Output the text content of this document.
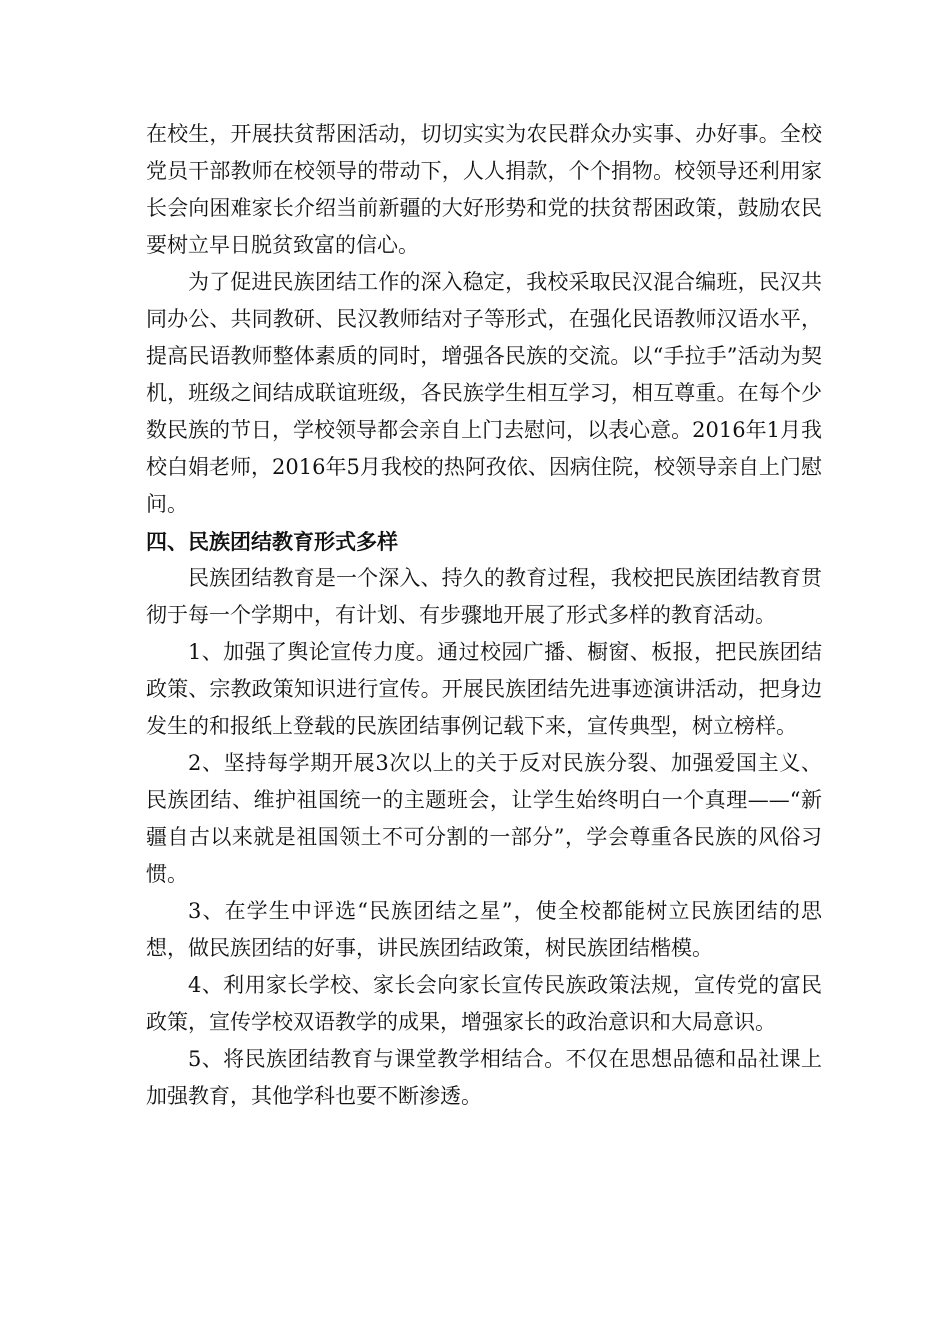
在校生，开展扶贫帮困活动，切切实实为农民群众办实事、办好事。全校党员干部教师在校领导的带动下，人人捐款，个个捐物。校领导还利用家长会向困难家长介绍当前新疆的大好形势和党的扶贫帮困政策，鼓励农民要树立早日脱贫致富的信心。

为了促进民族团结工作的深入稳定，我校采取民汉混合编班，民汉共同办公、共同教研、民汉教师结对子等形式，在强化民语教师汉语水平，提高民语教师整体素质的同时，增强各民族的交流。以“手拉手”活动为契机，班级之间结成联谊班级，各民族学生相互学习，相互尊重。在每个少数民族的节日，学校领导都会亲自上门去慰问，以表心意。2016年1月我校白娟老师，2016年5月我校的热阿孜依、因病住院，校领导亲自上门慰问。

四、民族团结教育形式多样

民族团结教育是一个深入、持久的教育过程，我校把民族团结教育贯彻于每一个学期中，有计划、有步骤地开展了形式多样的教育活动。

1、加强了舆论宣传力度。通过校园广播、橱窗、板报，把民族团结政策、宗教政策知识进行宣传。开展民族团结先进事迹演讲活动，把身边发生的和报纸上登载的民族团结事例记载下来，宣传典型，树立榜样。

2、坚持每学期开展3次以上的关于反对民族分裂、加强爱国主义、民族团结、维护祖国统一的主题班会，让学生始终明白一个真理——“新疆自古以来就是祖国领土不可分割的一部分”，学会尊重各民族的风俗习惯。

3、在学生中评选“民族团结之星”，使全校都能树立民族团结的思想，做民族团结的好事，讲民族团结政策，树民族团结楷模。

4、利用家长学校、家长会向家长宣传民族政策法规，宣传党的富民政策，宣传学校双语教学的成果，增强家长的政治意识和大局意识。

5、将民族团结教育与课堂教学相结合。不仅在思想品德和品社课上加强教育，其他学科也要不断渗透。
